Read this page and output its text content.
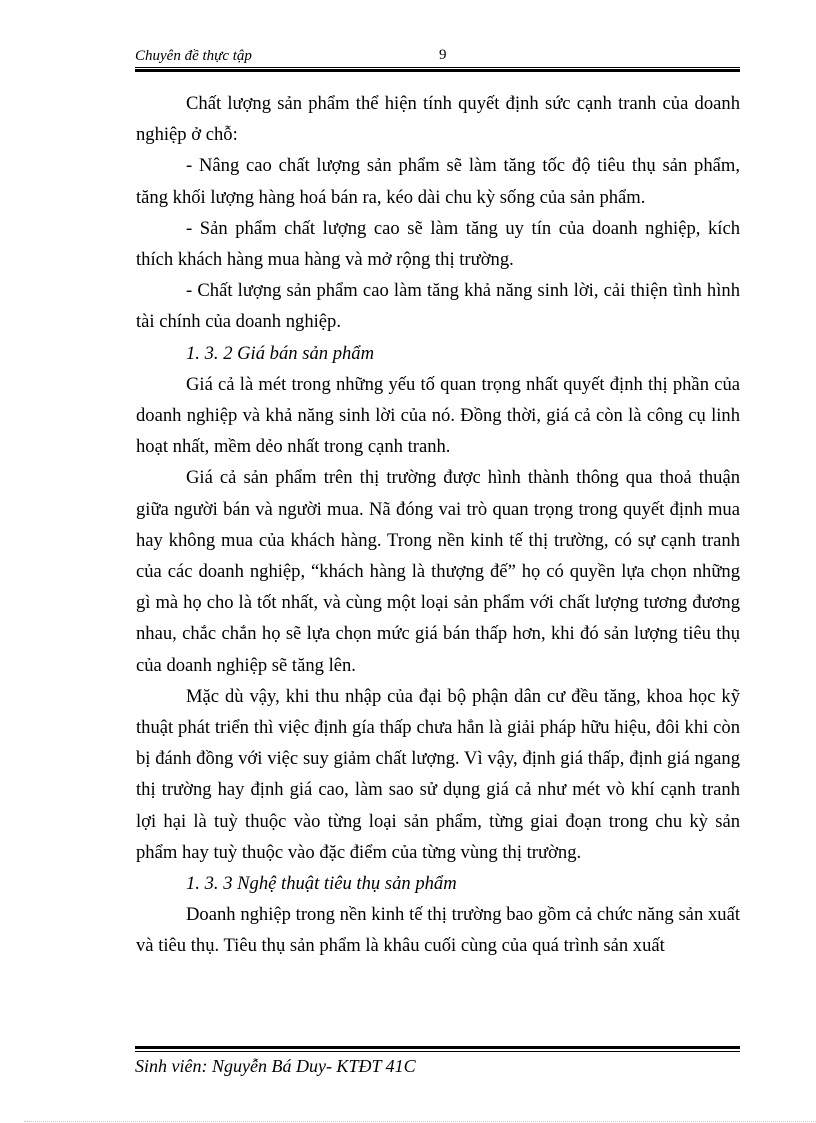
Chuyên đề thực tập	9

Chất lượng sản phẩm thể hiện tính quyết định sức cạnh tranh của doanh nghiệp ở chỗ:

- Nâng cao chất lượng sản phẩm sẽ làm tăng tốc độ tiêu thụ sản phẩm, tăng khối lượng hàng hoá bán ra, kéo dài chu kỳ sống của sản phẩm.

- Sản phẩm chất lượng cao sẽ làm tăng uy tín của doanh nghiệp, kích thích khách hàng mua hàng và mở rộng thị trường.

- Chất lượng sản phẩm cao làm tăng khả năng sinh lời, cải thiện tình hình tài chính của doanh nghiệp.

1. 3. 2 Giá bán sản phẩm

Giá cả là mét trong những yếu tố quan trọng nhất quyết định thị phần của doanh nghiệp và khả năng sinh lời của nó. Đồng thời, giá cả còn là công cụ linh hoạt nhất, mềm dẻo nhất trong cạnh tranh.

Giá cả sản phẩm trên thị trường được hình thành thông qua thoả thuận giữa người bán và người mua. Nã đóng vai trò quan trọng trong quyết định mua hay không mua của khách hàng. Trong nền kinh tế thị trường, có sự cạnh tranh của các doanh nghiệp, “khách hàng là thượng đế” họ có quyền lựa chọn những gì mà họ cho là tốt nhất, và cùng một loại sản phẩm với chất lượng tương đương nhau, chắc chắn họ sẽ lựa chọn mức giá bán thấp hơn, khi đó sản lượng tiêu thụ của doanh nghiệp sẽ tăng lên.

Mặc dù vậy, khi thu nhập của đại bộ phận dân cư đều tăng, khoa học kỹ thuật phát triển thì việc định gía thấp chưa hẳn là giải pháp hữu hiệu, đôi khi còn bị đánh đồng với việc suy giảm chất lượng. Vì vậy, định giá thấp, định giá ngang thị trường hay định giá cao, làm sao sử dụng giá cả như mét vò khí cạnh tranh lợi hại là tuỳ thuộc vào từng loại sản phẩm, từng giai đoạn trong chu kỳ sản phẩm hay tuỳ thuộc vào đặc điểm của từng vùng thị trường.

1. 3. 3 Nghệ thuật tiêu thụ sản phẩm

Doanh nghiệp trong nền kinh tế thị trường bao gồm cả chức năng sản xuất và tiêu thụ. Tiêu thụ sản phẩm là khâu cuối cùng của quá trình sản xuất

Sinh viên: Nguyễn Bá Duy- KTĐT 41C
